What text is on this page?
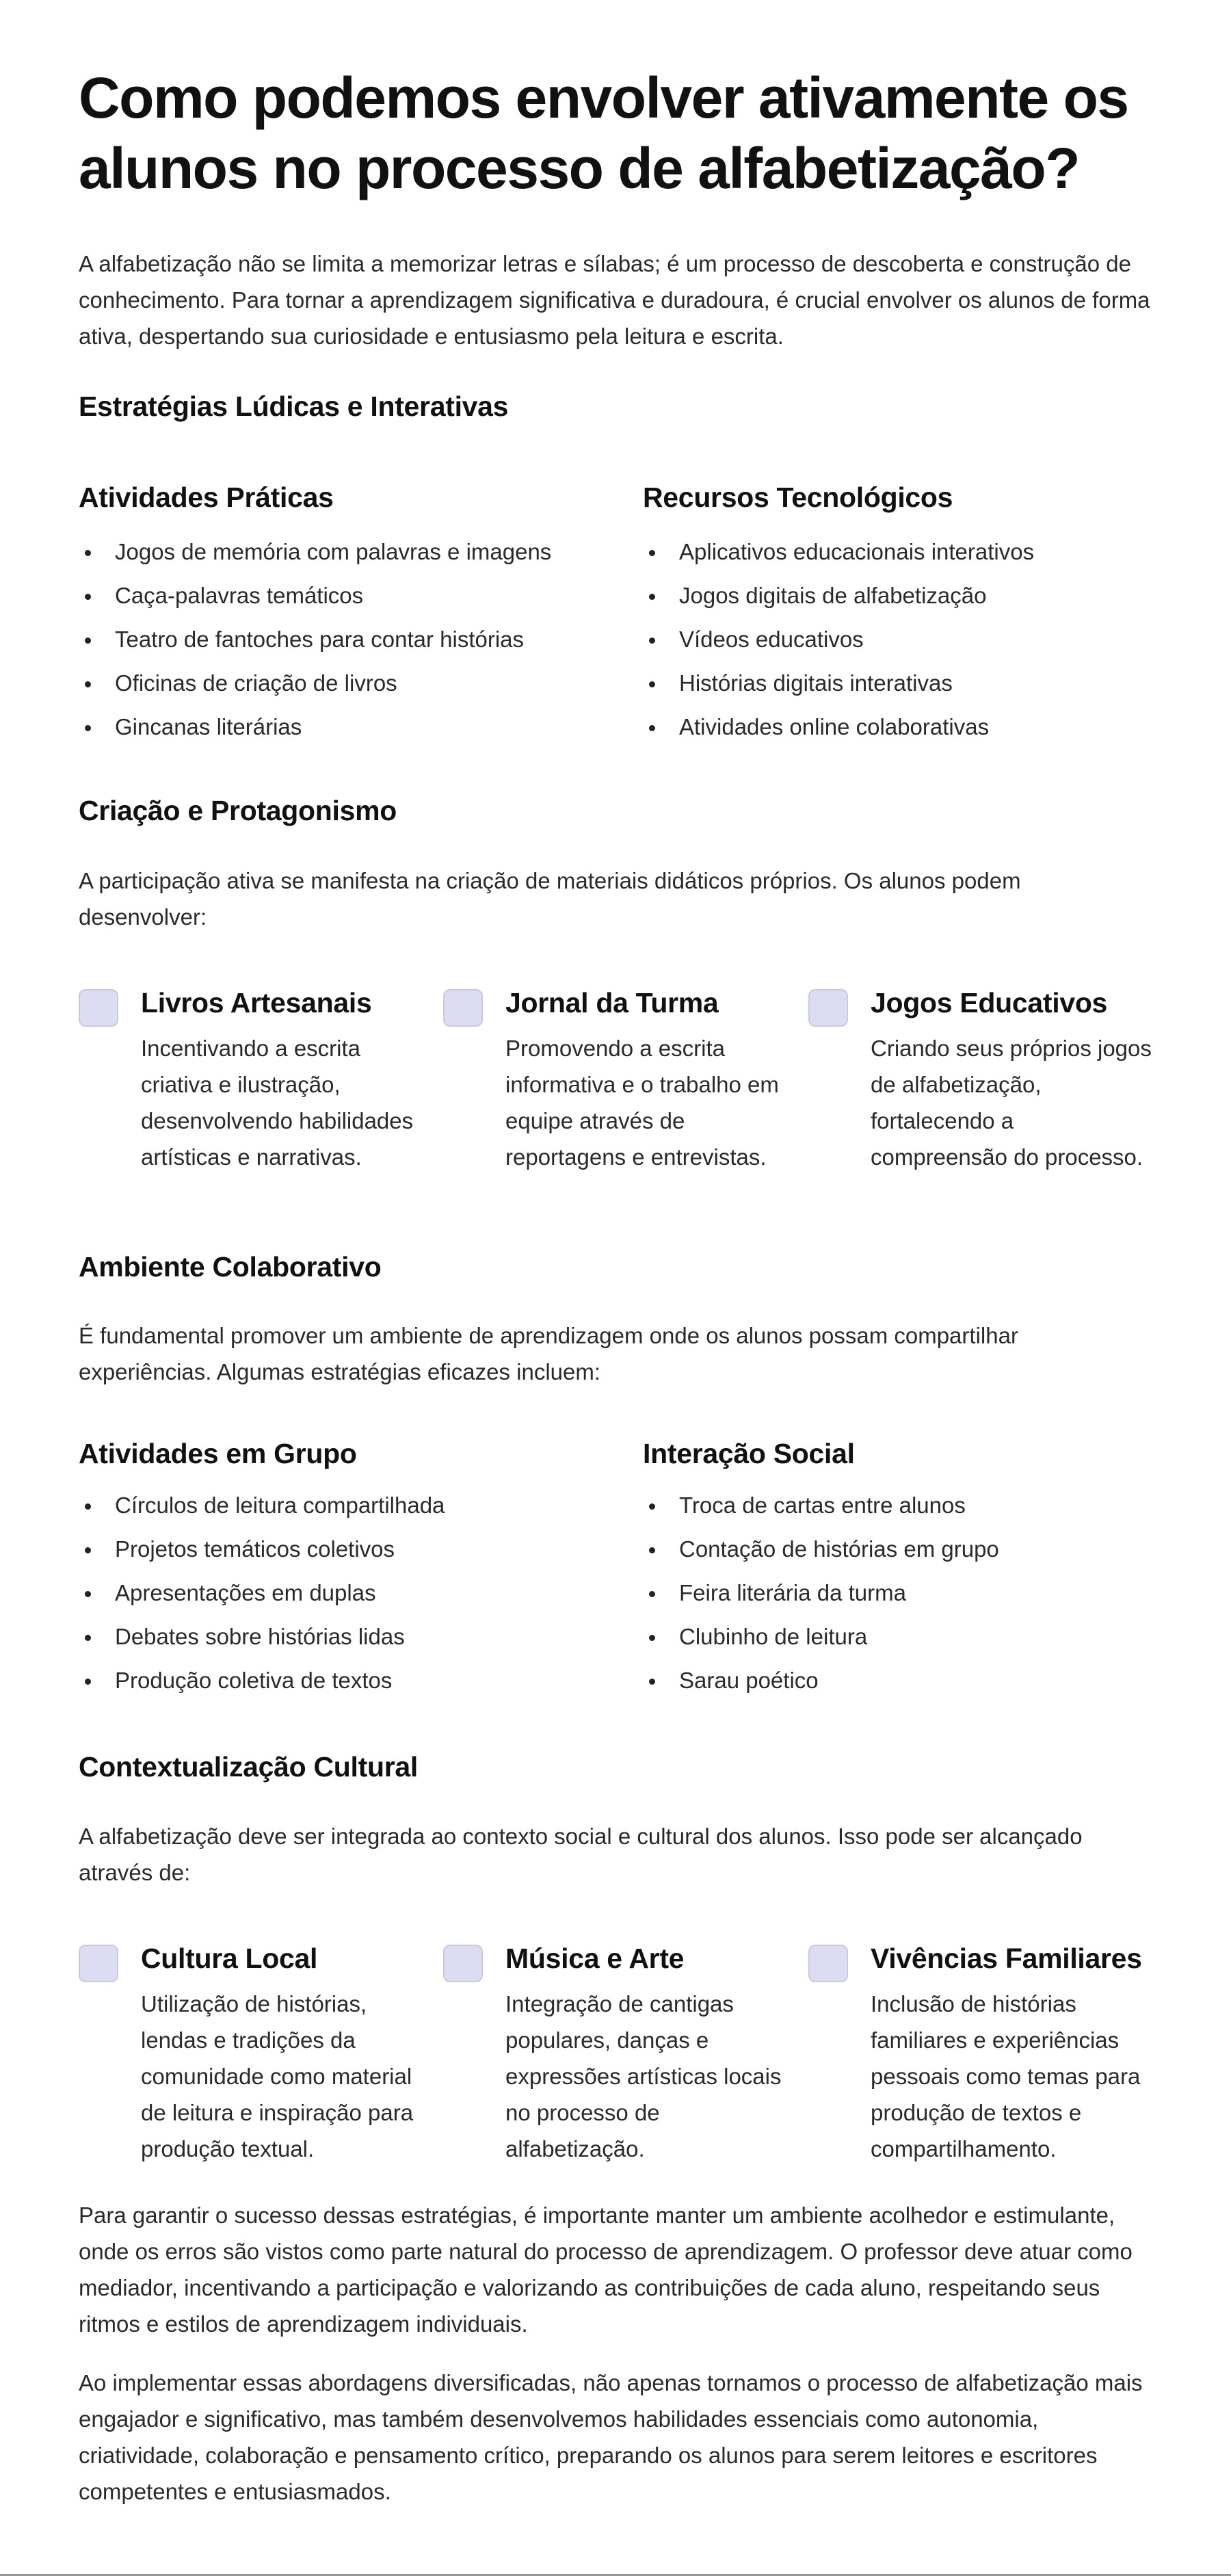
Como podemos envolver ativamente os alunos no processo de alfabetização?

A alfabetização não se limita a memorizar letras e sílabas; é um processo de descoberta e construção de conhecimento. Para tornar a aprendizagem significativa e duradoura, é crucial envolver os alunos de forma ativa, despertando sua curiosidade e entusiasmo pela leitura e escrita.

Estratégias Lúdicas e Interativas
Atividades Práticas
Jogos de memória com palavras e imagens
Caça-palavras temáticos
Teatro de fantoches para contar histórias
Oficinas de criação de livros
Gincanas literárias
Recursos Tecnológicos
Aplicativos educacionais interativos
Jogos digitais de alfabetização
Vídeos educativos
Histórias digitais interativas
Atividades online colaborativas
Criação e Protagonismo

A participação ativa se manifesta na criação de materiais didáticos próprios. Os alunos podem desenvolver:

Livros Artesanais
Incentivando a escrita criativa e ilustração, desenvolvendo habilidades artísticas e narrativas.
Jornal da Turma
Promovendo a escrita informativa e o trabalho em equipe através de reportagens e entrevistas.
Jogos Educativos
Criando seus próprios jogos de alfabetização, fortalecendo a compreensão do processo.
Ambiente Colaborativo

É fundamental promover um ambiente de aprendizagem onde os alunos possam compartilhar experiências. Algumas estratégias eficazes incluem:

Atividades em Grupo
Círculos de leitura compartilhada
Projetos temáticos coletivos
Apresentações em duplas
Debates sobre histórias lidas
Produção coletiva de textos
Interação Social
Troca de cartas entre alunos
Contação de histórias em grupo
Feira literária da turma
Clubinho de leitura
Sarau poético
Contextualização Cultural

A alfabetização deve ser integrada ao contexto social e cultural dos alunos. Isso pode ser alcançado através de:

Cultura Local
Utilização de histórias, lendas e tradições da comunidade como material de leitura e inspiração para produção textual.
Música e Arte
Integração de cantigas populares, danças e expressões artísticas locais no processo de alfabetização.
Vivências Familiares
Inclusão de histórias familiares e experiências pessoais como temas para produção de textos e compartilhamento.

Para garantir o sucesso dessas estratégias, é importante manter um ambiente acolhedor e estimulante, onde os erros são vistos como parte natural do processo de aprendizagem. O professor deve atuar como mediador, incentivando a participação e valorizando as contribuições de cada aluno, respeitando seus ritmos e estilos de aprendizagem individuais.

Ao implementar essas abordagens diversificadas, não apenas tornamos o processo de alfabetização mais engajador e significativo, mas também desenvolvemos habilidades essenciais como autonomia, criatividade, colaboração e pensamento crítico, preparando os alunos para serem leitores e escritores competentes e entusiasmados.
